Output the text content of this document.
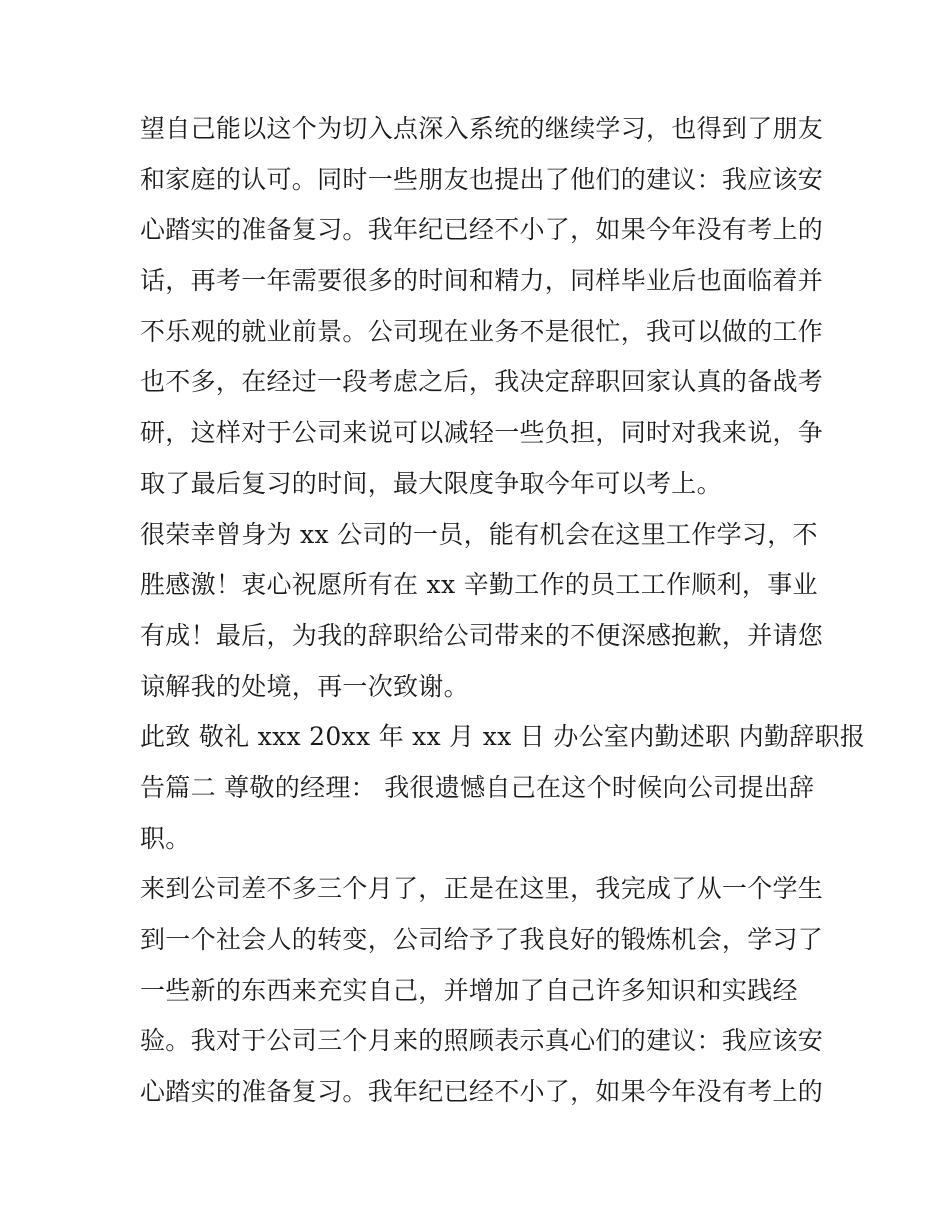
望自己能以这个为切入点深入系统的继续学习，也得到了朋友
和家庭的认可。同时一些朋友也提出了他们的建议：我应该安
心踏实的准备复习。我年纪已经不小了，如果今年没有考上的
话，再考一年需要很多的时间和精力，同样毕业后也面临着并
不乐观的就业前景。公司现在业务不是很忙，我可以做的工作
也不多，在经过一段考虑之后，我决定辞职回家认真的备战考
研，这样对于公司来说可以减轻一些负担，同时对我来说，争
取了最后复习的时间，最大限度争取今年可以考上。
很荣幸曾身为 xx 公司的一员，能有机会在这里工作学习，不
胜感激！衷心祝愿所有在 xx 辛勤工作的员工工作顺利，事业
有成！最后，为我的辞职给公司带来的不便深感抱歉，并请您
谅解我的处境，再一次致谢。
此致 敬礼 xxx 20xx 年 xx 月 xx 日 办公室内勤述职 内勤辞职报
告篇二 尊敬的经理： 我很遗憾自己在这个时候向公司提出辞
职。
来到公司差不多三个月了，正是在这里，我完成了从一个学生
到一个社会人的转变，公司给予了我良好的锻炼机会，学习了
一些新的东西来充实自己，并增加了自己许多知识和实践经
验。我对于公司三个月来的照顾表示真心们的建议：我应该安
心踏实的准备复习。我年纪已经不小了，如果今年没有考上的
